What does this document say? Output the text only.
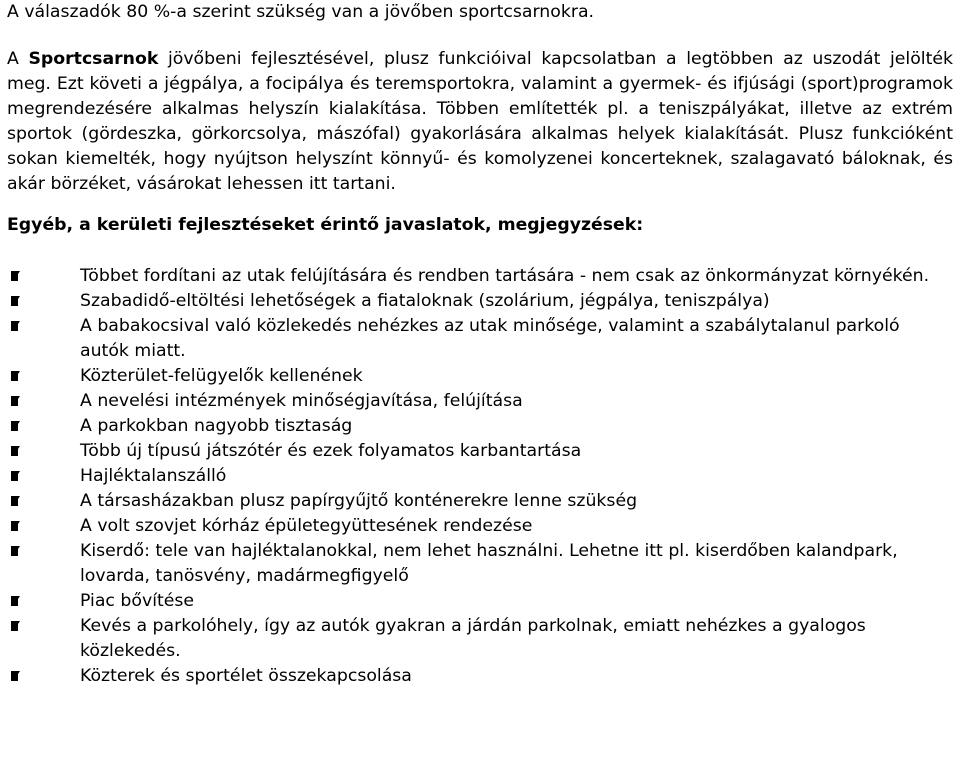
A válaszadók 80 %-a szerint szükség van a jövőben sportcsarnokra.

A Sportcsarnok jövőbeni fejlesztésével, plusz funkcióival kapcsolatban a legtöbben az uszodát jelölték meg. Ezt követi a jégpálya, a focipálya és teremsportokra, valamint a gyermek- és ifjúsági (sport)programok megrendezésére alkalmas helyszín kialakítása. Többen említették pl. a teniszpályákat, illetve az extrém sportok (gördeszka, görkorcsolya, mászófal) gyakorlására alkalmas helyek kialakítását. Plusz funkcióként sokan kiemelték, hogy nyújtson helyszínt könnyű- és komolyzenei koncerteknek, szalagavató báloknak, és akár börzéket, vásárokat lehessen itt tartani.

Egyéb, a kerületi fejlesztéseket érintő javaslatok, megjegyzések:
Többet fordítani az utak felújítására és rendben tartására - nem csak az önkormányzat környékén.
Szabadidő-eltöltési lehetőségek a fiataloknak (szolárium, jégpálya, teniszpálya)
A babakocsival való közlekedés nehézkes az utak minősége, valamint a szabálytalanul parkoló autók miatt.
Közterület-felügyelők kellenének
A nevelési intézmények minőségjavítása, felújítása
A parkokban nagyobb tisztaság
Több új típusú játszótér és ezek folyamatos karbantartása
Hajléktalanszálló
A társasházakban plusz papírgyűjtő konténerekre lenne szükség
A volt szovjet kórház épületegyüttesének rendezése
Kiserdő: tele van hajléktalanokkal, nem lehet használni. Lehetne itt pl. kiserdőben kalandpark, lovarda, tanösvény, madármegfigyelő
Piac bővítése
Kevés a parkolóhely, így az autók gyakran a járdán parkolnak, emiatt nehézkes a gyalogos közlekedés.
Közterek és sportélet összekapcsolása
